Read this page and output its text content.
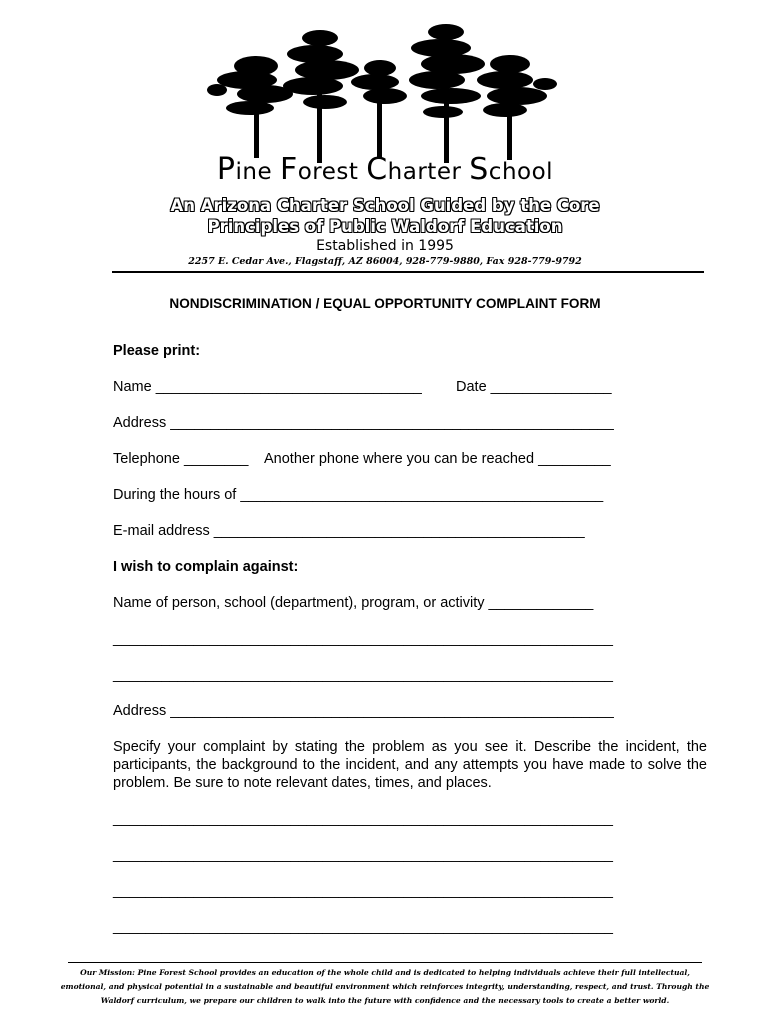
Pine Forest Charter School
An Arizona Charter School Guided by the Core Principles of Public Waldorf Education
Established in 1995
2257 E. Cedar Ave., Flagstaff, AZ 86004, 928-779-9880, Fax 928-779-9792
NONDISCRIMINATION / EQUAL OPPORTUNITY COMPLAINT FORM
Please print:
Name _________________________________ Date _______________
Address _______________________________________________________
Telephone ________ Another phone where you can be reached _________
During the hours of _____________________________________________
E-mail address ______________________________________________
I wish to complain against:
Name of person, school (department), program, or activity _____________
______________________________________________________________
______________________________________________________________
Address _______________________________________________________
Specify your complaint by stating the problem as you see it. Describe the incident, the participants, the background to the incident, and any attempts you have made to solve the problem. Be sure to note relevant dates, times, and places.
______________________________________________________________
______________________________________________________________
______________________________________________________________
______________________________________________________________
Our Mission: Pine Forest School provides an education of the whole child and is dedicated to helping individuals achieve their full intellectual, emotional, and physical potential in a sustainable and beautiful environment which reinforces integrity, understanding, respect, and trust. Through the Waldorf curriculum, we prepare our children to walk into the future with confidence and the necessary tools to create a better world.
